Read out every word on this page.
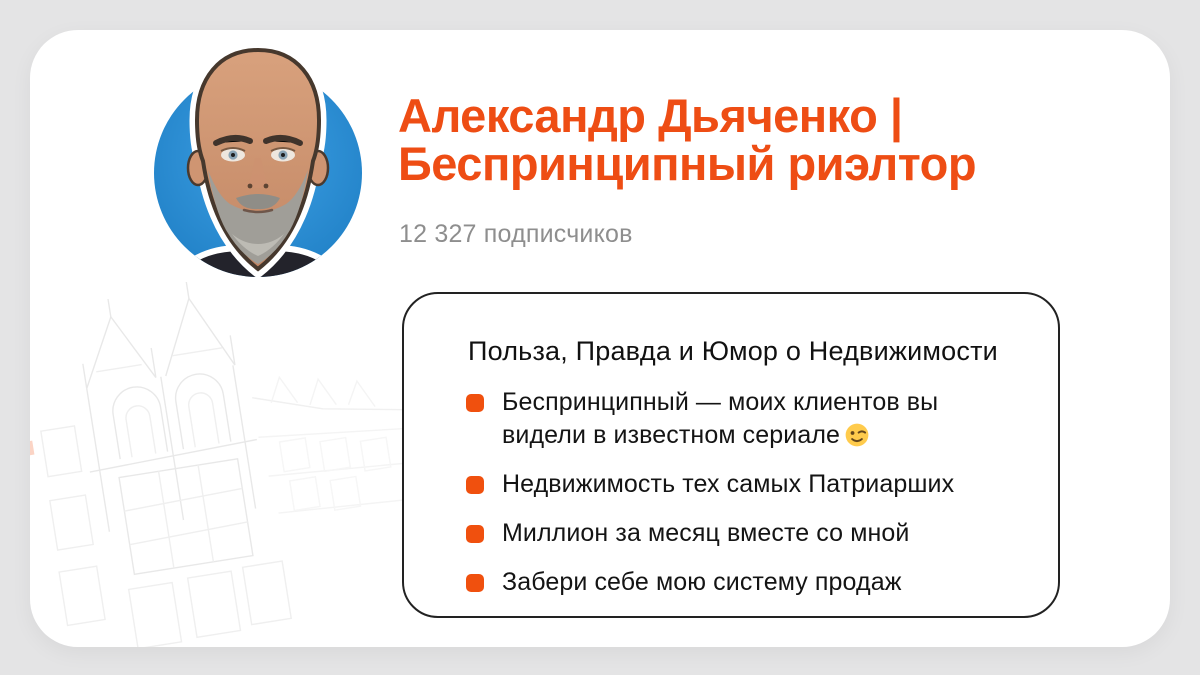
Александр Дьяченко |
Беспринципный риэлтор
12 327 подписчиков
Польза, Правда и Юмор о Недвижимости
Беспринципный — моих клиентов вы видели в известном сериале
Недвижимость тех самых Патриарших
Миллион за месяц вместе со мной
Забери себе мою систему продаж
